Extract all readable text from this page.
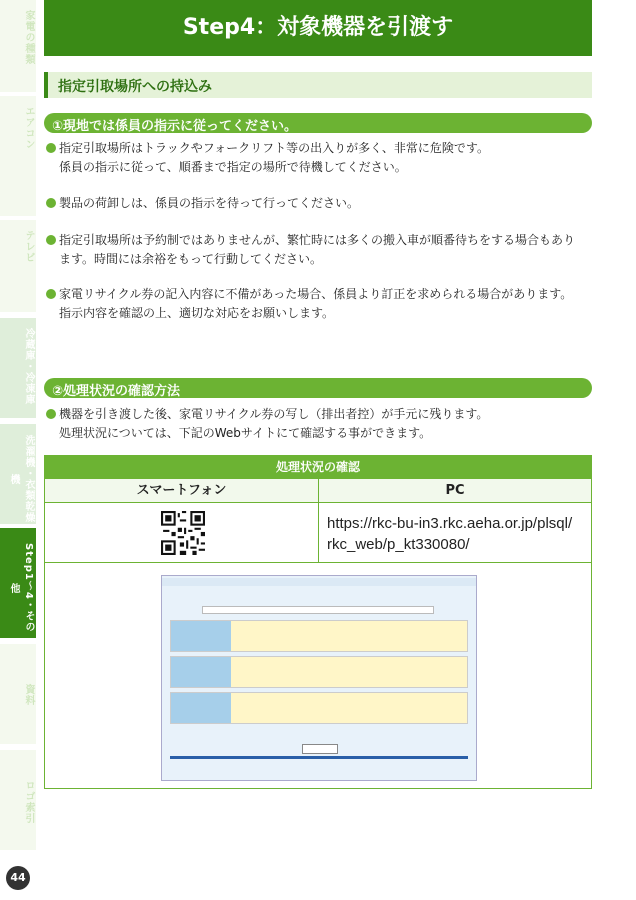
家電の種類
エアコン
テレビ
冷蔵庫・冷凍庫
洗濯機・衣類乾燥機
Step1〜4・その他
資料
ロゴ索引
44
Step4：対象機器を引渡す
指定引取場所への持込み
①現地では係員の指示に従ってください。
指定引取場所はトラックやフォークリフト等の出入りが多く、非常に危険です。
係員の指示に従って、順番まで指定の場所で待機してください。
製品の荷卸しは、係員の指示を待って行ってください。
指定引取場所は予約制ではありませんが、繁忙時には多くの搬入車が順番待ちをする場合もあり
ます。時間には余裕をもって行動してください。
家電リサイクル券の記入内容に不備があった場合、係員より訂正を求められる場合があります。
指示内容を確認の上、適切な対応をお願いします。
②処理状況の確認方法
機器を引き渡した後、家電リサイクル券の写し（排出者控）が手元に残ります。
処理状況については、下記のWebサイトにて確認する事ができます。
処理状況の確認
スマートフォン	PC
https://rkc-bu-in3.rkc.aeha.or.jp/plsql/
rkc_web/p_kt330080/
